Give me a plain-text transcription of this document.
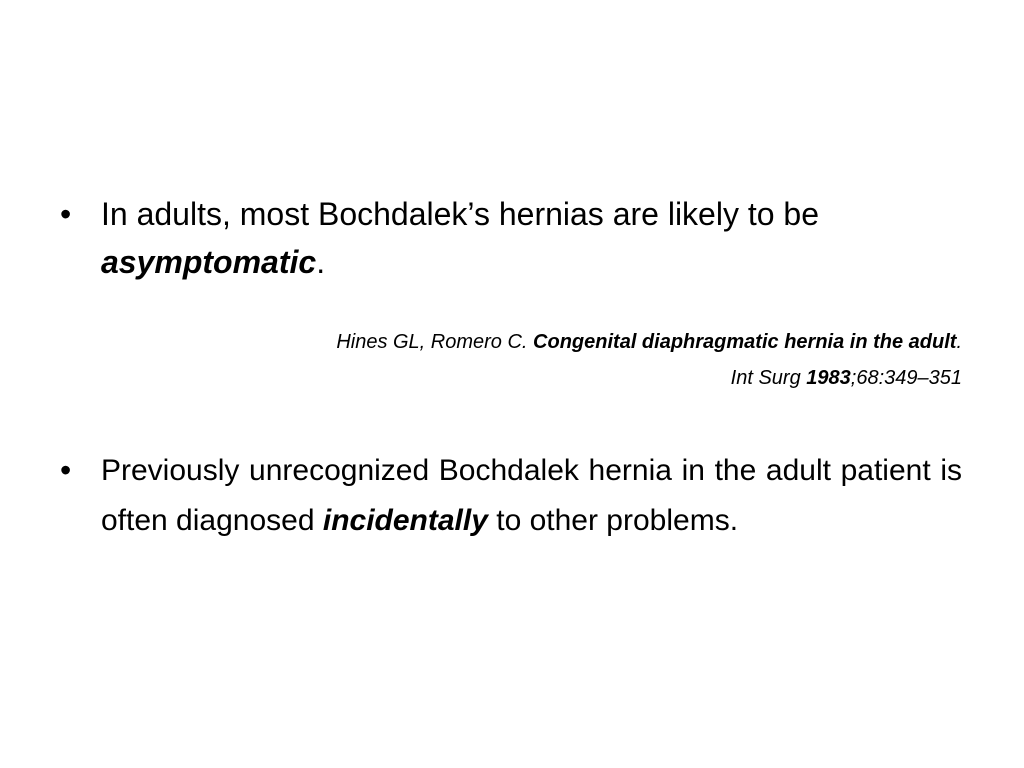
• In adults, most Bochdalek’s hernias are likely to be asymptomatic.
Hines GL, Romero C. Congenital diaphragmatic hernia in the adult.
Int Surg 1983;68:349–351
• Previously unrecognized Bochdalek hernia in the adult patient is often diagnosed incidentally to other problems.
